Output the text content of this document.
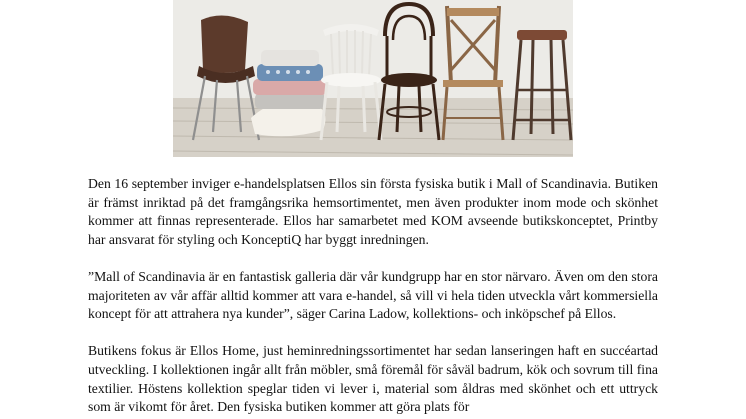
Den 16 september inviger e-handelsplatsen Ellos sin första fysiska butik i Mall of Scandinavia. Butiken är främst inriktad på det framgångsrika hemsortimentet, men även produkter inom mode och skönhet kommer att finnas representerade. Ellos har samarbetet med KOM avseende butikskonceptet, Printby har ansvarat för styling och KonceptiQ har byggt inredningen.

”Mall of Scandinavia är en fantastisk galleria där vår kundgrupp har en stor närvaro. Även om den stora majoriteten av vår affär alltid kommer att vara e-handel, så vill vi hela tiden utveckla vårt kommersiella koncept för att attrahera nya kunder”, säger Carina Ladow, kollektions- och inköpschef på Ellos.

Butikens fokus är Ellos Home, just heminredningssortimentet har sedan lanseringen haft en succéartad utveckling. I kollektionen ingår allt från möbler, små föremål för såväl badrum, kök och sovrum till fina textilier. Höstens kollektion speglar tiden vi lever i, material som åldras med skönhet och ett uttryck som är vikomt för året. Den fysiska butiken kommer att göra plats för
